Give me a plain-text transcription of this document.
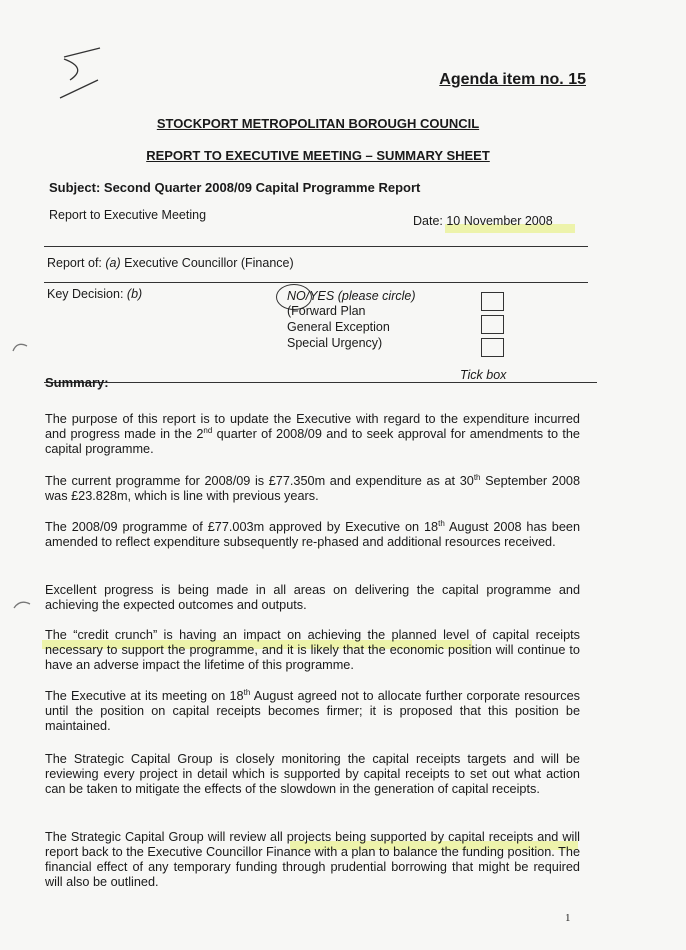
Agenda item no. 15
STOCKPORT METROPOLITAN BOROUGH COUNCIL
REPORT TO EXECUTIVE MEETING – SUMMARY SHEET
Subject: Second Quarter 2008/09 Capital Programme Report
Report to Executive Meeting	Date: 10 November 2008
Report of: (a) Executive Councillor (Finance)
Key Decision: (b)	NO/YES (please circle)
(Forward Plan
General Exception
Special Urgency)
Tick box
Summary:
The purpose of this report is to update the Executive with regard to the expenditure incurred and progress made in the 2nd quarter of 2008/09 and to seek approval for amendments to the capital programme.
The current programme for 2008/09 is £77.350m and expenditure as at 30th September 2008 was £23.828m, which is line with previous years.
The 2008/09 programme of £77.003m approved by Executive on 18th August 2008 has been amended to reflect expenditure subsequently re-phased and additional resources received.
Excellent progress is being made in all areas on delivering the capital programme and achieving the expected outcomes and outputs.
The “credit crunch” is having an impact on achieving the planned level of capital receipts necessary to support the programme, and it is likely that the economic position will continue to have an adverse impact the lifetime of this programme.
The Executive at its meeting on 18th August agreed not to allocate further corporate resources until the position on capital receipts becomes firmer; it is proposed that this position be maintained.
The Strategic Capital Group is closely monitoring the capital receipts targets and will be reviewing every project in detail which is supported by capital receipts to set out what action can be taken to mitigate the effects of the slowdown in the generation of capital receipts.
The Strategic Capital Group will review all projects being supported by capital receipts and will report back to the Executive Councillor Finance with a plan to balance the funding position. The financial effect of any temporary funding through prudential borrowing that might be required will also be outlined.
1
